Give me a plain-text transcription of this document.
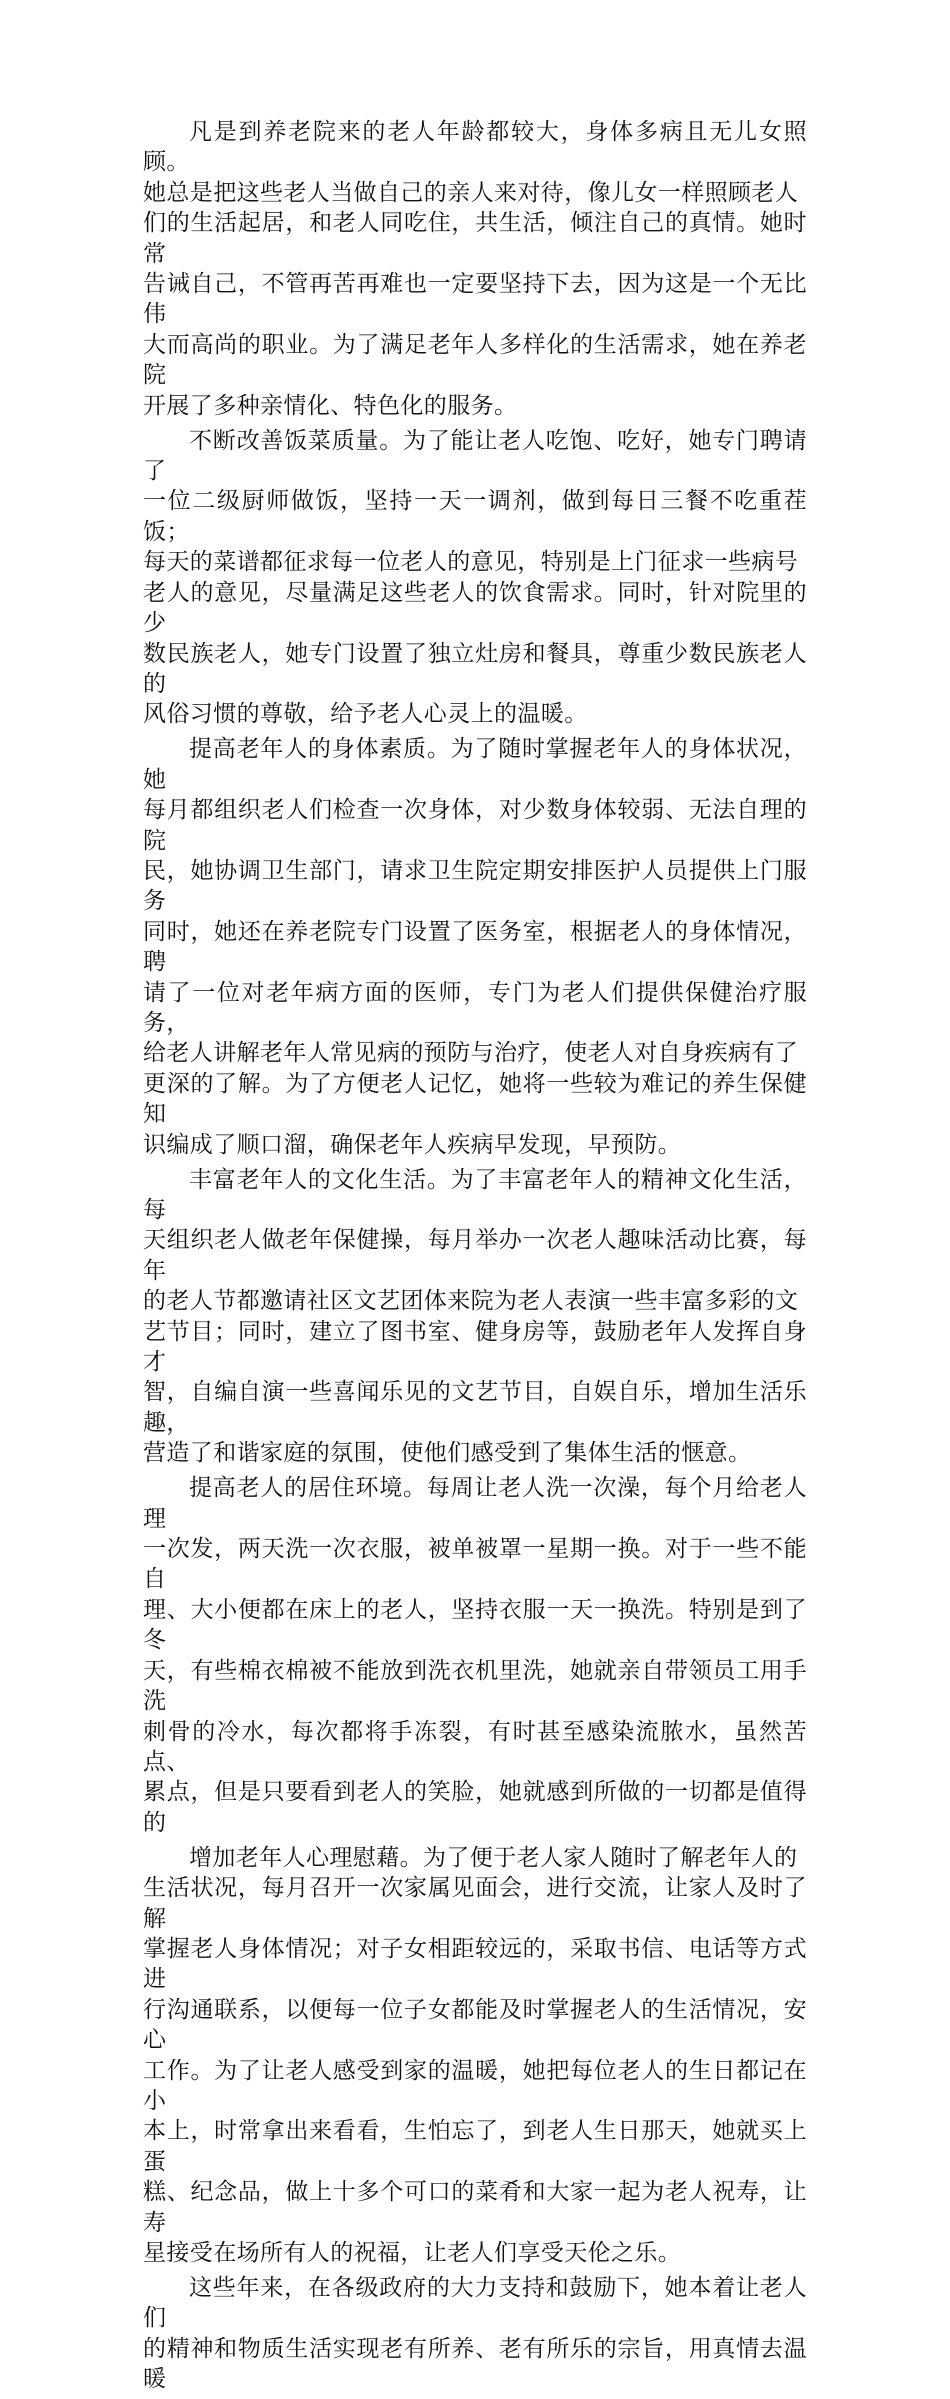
凡是到养老院来的老人年龄都较大，身体多病且无儿女照顾。
她总是把这些老人当做自己的亲人来对待，像儿女一样照顾老人
们的生活起居，和老人同吃住，共生活，倾注自己的真情。她时常
告诫自己，不管再苦再难也一定要坚持下去，因为这是一个无比伟
大而高尚的职业。为了满足老年人多样化的生活需求，她在养老院
开展了多种亲情化、特色化的服务。

不断改善饭菜质量。为了能让老人吃饱、吃好，她专门聘请了
一位二级厨师做饭，坚持一天一调剂，做到每日三餐不吃重茬饭；
每天的菜谱都征求每一位老人的意见，特别是上门征求一些病号
老人的意见，尽量满足这些老人的饮食需求。同时，针对院里的少
数民族老人，她专门设置了独立灶房和餐具，尊重少数民族老人的
风俗习惯的尊敬，给予老人心灵上的温暖。

提高老年人的身体素质。为了随时掌握老年人的身体状况，她
每月都组织老人们检查一次身体，对少数身体较弱、无法自理的院
民，她协调卫生部门，请求卫生院定期安排医护人员提供上门服务
同时，她还在养老院专门设置了医务室，根据老人的身体情况，聘
请了一位对老年病方面的医师，专门为老人们提供保健治疗服务，
给老人讲解老年人常见病的预防与治疗，使老人对自身疾病有了
更深的了解。为了方便老人记忆，她将一些较为难记的养生保健知
识编成了顺口溜，确保老年人疾病早发现，早预防。

丰富老年人的文化生活。为了丰富老年人的精神文化生活，每
天组织老人做老年保健操，每月举办一次老人趣味活动比赛，每年
的老人节都邀请社区文艺团体来院为老人表演一些丰富多彩的文
艺节目；同时，建立了图书室、健身房等，鼓励老年人发挥自身才
智，自编自演一些喜闻乐见的文艺节目，自娱自乐，增加生活乐趣，
营造了和谐家庭的氛围，使他们感受到了集体生活的惬意。

提高老人的居住环境。每周让老人洗一次澡，每个月给老人理
一次发，两天洗一次衣服，被单被罩一星期一换。对于一些不能自
理、大小便都在床上的老人，坚持衣服一天一换洗。特别是到了冬
天，有些棉衣棉被不能放到洗衣机里洗，她就亲自带领员工用手洗
刺骨的冷水，每次都将手冻裂，有时甚至感染流脓水，虽然苦点、
累点，但是只要看到老人的笑脸，她就感到所做的一切都是值得的

增加老年人心理慰藉。为了便于老人家人随时了解老年人的
生活状况，每月召开一次家属见面会，进行交流，让家人及时了解
掌握老人身体情况；对子女相距较远的，采取书信、电话等方式进
行沟通联系，以便每一位子女都能及时掌握老人的生活情况，安心
工作。为了让老人感受到家的温暖，她把每位老人的生日都记在小
本上，时常拿出来看看，生怕忘了，到老人生日那天，她就买上蛋
糕、纪念品，做上十多个可口的菜肴和大家一起为老人祝寿，让寿
星接受在场所有人的祝福，让老人们享受天伦之乐。

这些年来，在各级政府的大力支持和鼓励下，她本着让老人们
的精神和物质生活实现老有所养、老有所乐的宗旨，用真情去温暖
